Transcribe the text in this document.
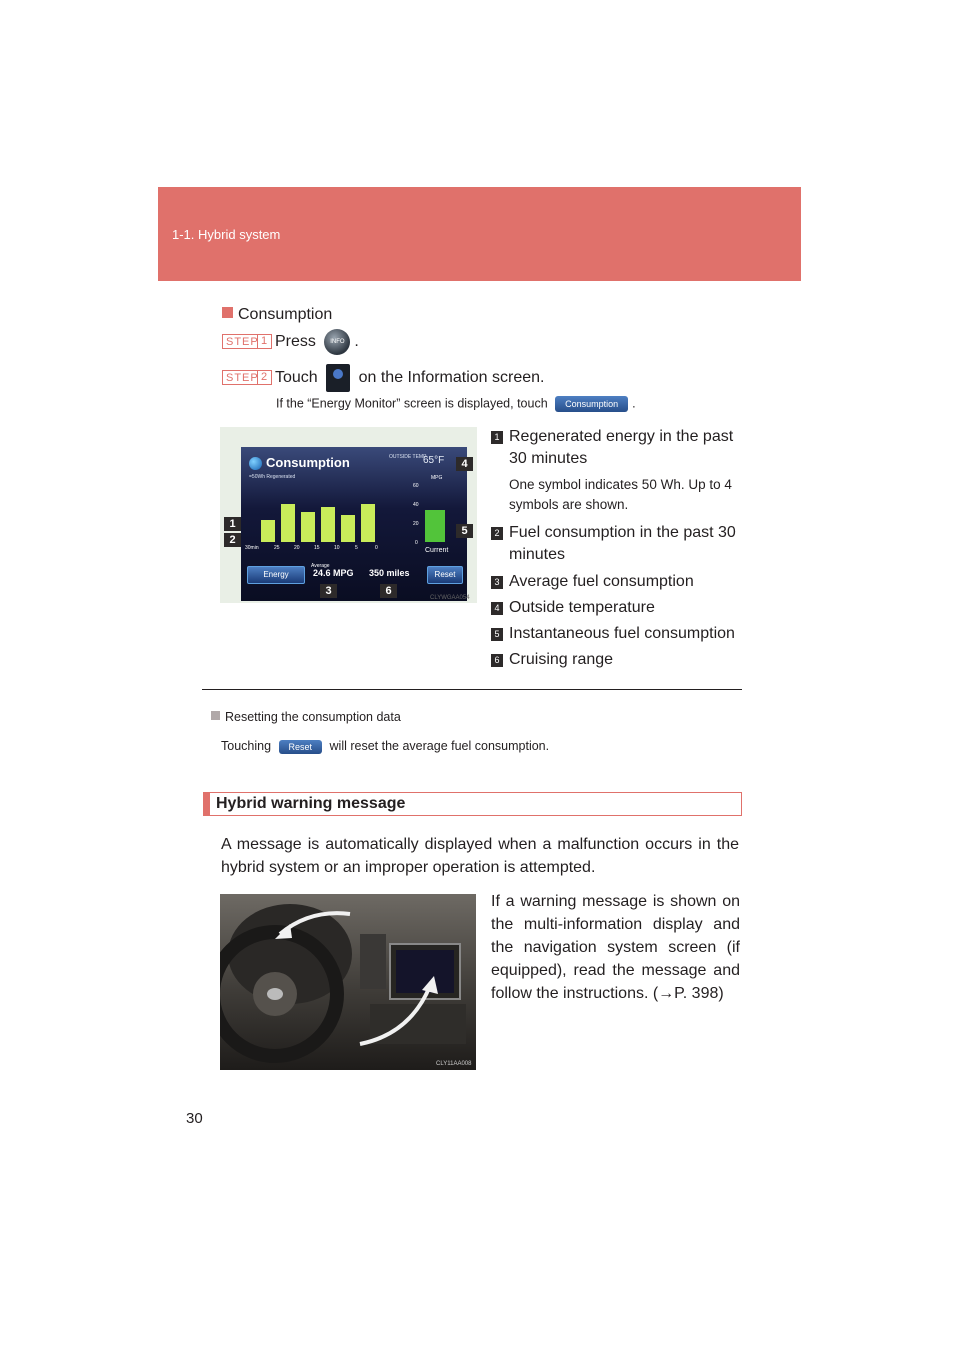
1-1. Hybrid system
Consumption
STEP 1 Press INFO .
STEP 2 Touch	on the Information screen.
If the “Energy Monitor” screen is displayed, touch Consumption .
Consumption	OUTSIDE TEMP
65°F
=50Wh Regenerated	MPG
60
40
20
0
30min	25	20	15	10	5	0	Current
Energy
Average
24.6 MPG 350 miles	Reset
1
2
3
4
5
6
CLYWGAA054
1 Regenerated energy in the past 30 minutes
One symbol indicates 50 Wh. Up to 4 symbols are shown.
2 Fuel consumption in the past 30 minutes
3 Average fuel consumption
4 Outside temperature
5 Instantaneous fuel consumption
6 Cruising range
Resetting the consumption data
Touching Reset will reset the average fuel consumption.
Hybrid warning message
A message is automatically displayed when a malfunction occurs in the hybrid system or an improper operation is attempted.
CLY11AA008
If a warning message is shown on the multi-information display and the navigation system screen (if equipped), read the message and follow the instructions. (→P. 398)
30
